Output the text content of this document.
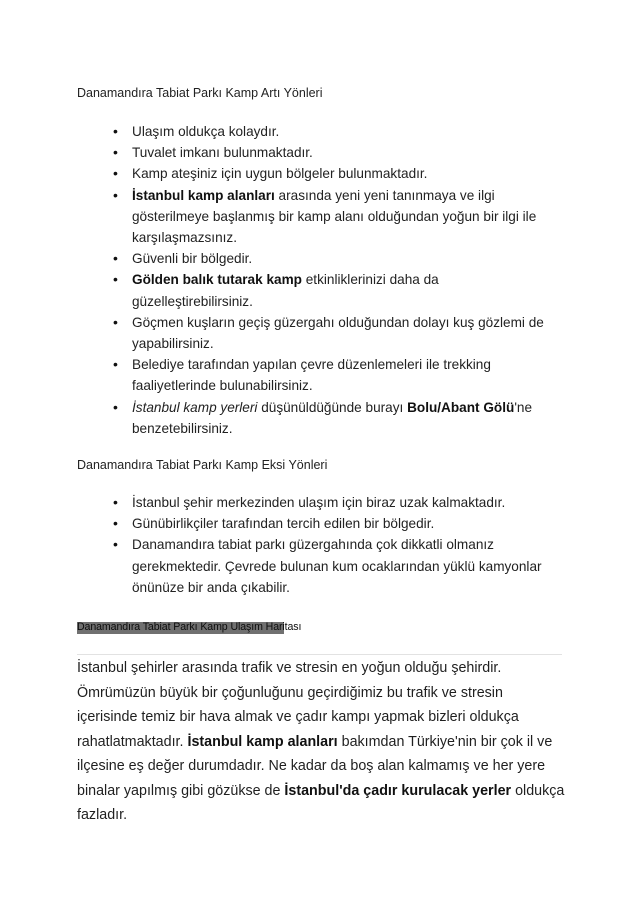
Danamandıra Tabiat Parkı Kamp Artı Yönleri
• Ulaşım oldukça kolaydır.
• Tuvalet imkanı bulunmaktadır.
• Kamp ateşiniz için uygun bölgeler bulunmaktadır.
• İstanbul kamp alanları arasında yeni yeni tanınmaya ve ilgi gösterilmeye başlanmış bir kamp alanı olduğundan yoğun bir ilgi ile karşılaşmazsınız.
• Güvenli bir bölgedir.
• Gölden balık tutarak kamp etkinliklerinizi daha da güzelleştirebilirsiniz.
• Göçmen kuşların geçiş güzergahı olduğundan dolayı kuş gözlemi de yapabilirsiniz.
• Belediye tarafından yapılan çevre düzenlemeleri ile trekking faaliyetlerinde bulunabilirsiniz.
• İstanbul kamp yerleri düşünüldüğünde burayı Bolu/Abant Gölü'ne benzetebilirsiniz.
Danamandıra Tabiat Parkı Kamp Eksi Yönleri
• İstanbul şehir merkezinden ulaşım için biraz uzak kalmaktadır.
• Günübirlikçiler tarafından tercih edilen bir bölgedir.
• Danamandıra tabiat parkı güzergahında çok dikkatli olmanız gerekmektedir. Çevrede bulunan kum ocaklarından yüklü kamyonlar önünüze bir anda çıkabilir.
Danamandıra Tabiat Parkı Kamp Ulaşım Haritası

İstanbul şehirler arasında trafik ve stresin en yoğun olduğu şehirdir. Ömrümüzün büyük bir çoğunluğunu geçirdiğimiz bu trafik ve stresin içerisinde temiz bir hava almak ve çadır kampı yapmak bizleri oldukça rahatlatmaktadır. İstanbul kamp alanları bakımdan Türkiye'nin bir çok il ve ilçesine eş değer durumdadır. Ne kadar da boş alan kalmamış ve her yere binalar yapılmış gibi gözükse de İstanbul'da çadır kurulacak yerler oldukça fazladır.
